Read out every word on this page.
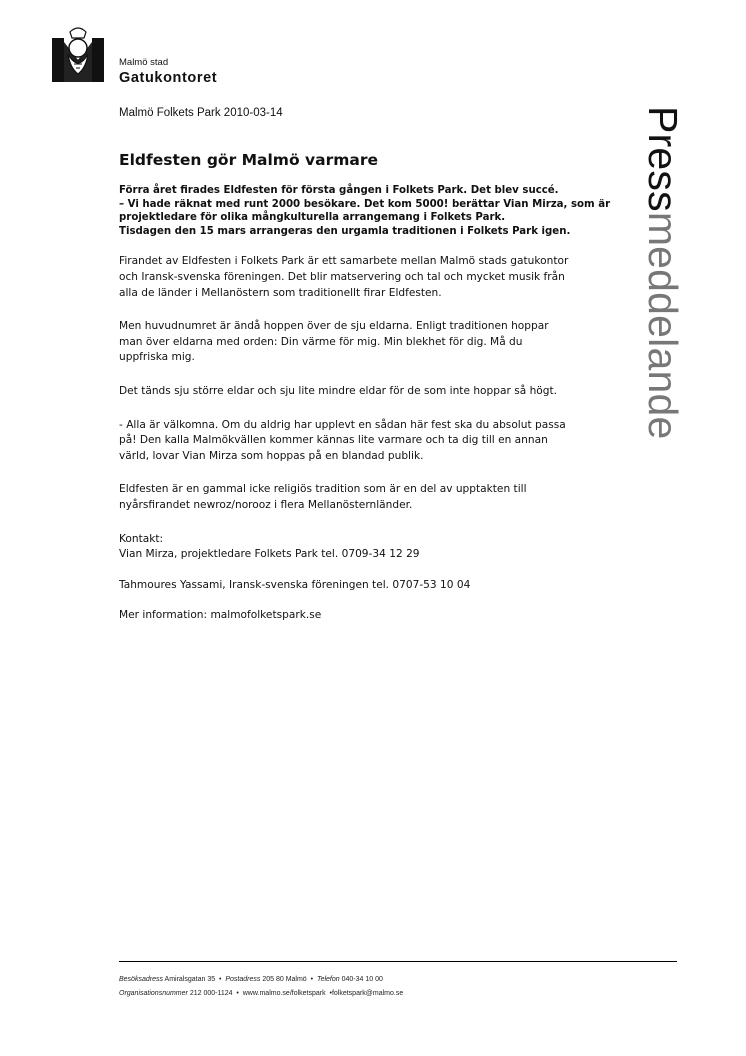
Malmö stad
Gatukontoret
Malmö Folkets Park 2010-03-14	Pressmeddelande
Eldfesten gör Malmö varmare
Förra året firades Eldfesten för första gången i Folkets Park. Det blev succé.
– Vi hade räknat med runt 2000 besökare. Det kom 5000! berättar Vian Mirza, som är
projektledare för olika mångkulturella arrangemang i Folkets Park.
Tisdagen den 15 mars arrangeras den urgamla traditionen i Folkets Park igen.
Firandet av Eldfesten i Folkets Park är ett samarbete mellan Malmö stads gatukontor
och Iransk-svenska föreningen. Det blir matservering och tal och mycket musik från
alla de länder i Mellanöstern som traditionellt firar Eldfesten.
Men huvudnumret är ändå hoppen över de sju eldarna. Enligt traditionen hoppar
man över eldarna med orden: Din värme för mig. Min blekhet för dig. Må du
uppfriska mig.
Det tänds sju större eldar och sju lite mindre eldar för de som inte hoppar så högt.
- Alla är välkomna. Om du aldrig har upplevt en sådan här fest ska du absolut passa
på! Den kalla Malmökvällen kommer kännas lite varmare och ta dig till en annan
värld, lovar Vian Mirza som hoppas på en blandad publik.
Eldfesten är en gammal icke religiös tradition som är en del av upptakten till
nyårsfirandet newroz/norooz i flera Mellanösternländer.
Kontakt:
Vian Mirza, projektledare Folkets Park tel. 0709-34 12 29
Tahmoures Yassami, Iransk-svenska föreningen tel. 0707-53 10 04
Mer information: malmofolketspark.se
Besöksadress Amiralsgatan 35 • Postadress 205 80 Malmö • Telefon 040-34 10 00
Organisationsnummer 212 000-1124 • www.malmo.se/folketspark •folketspark@malmo.se
